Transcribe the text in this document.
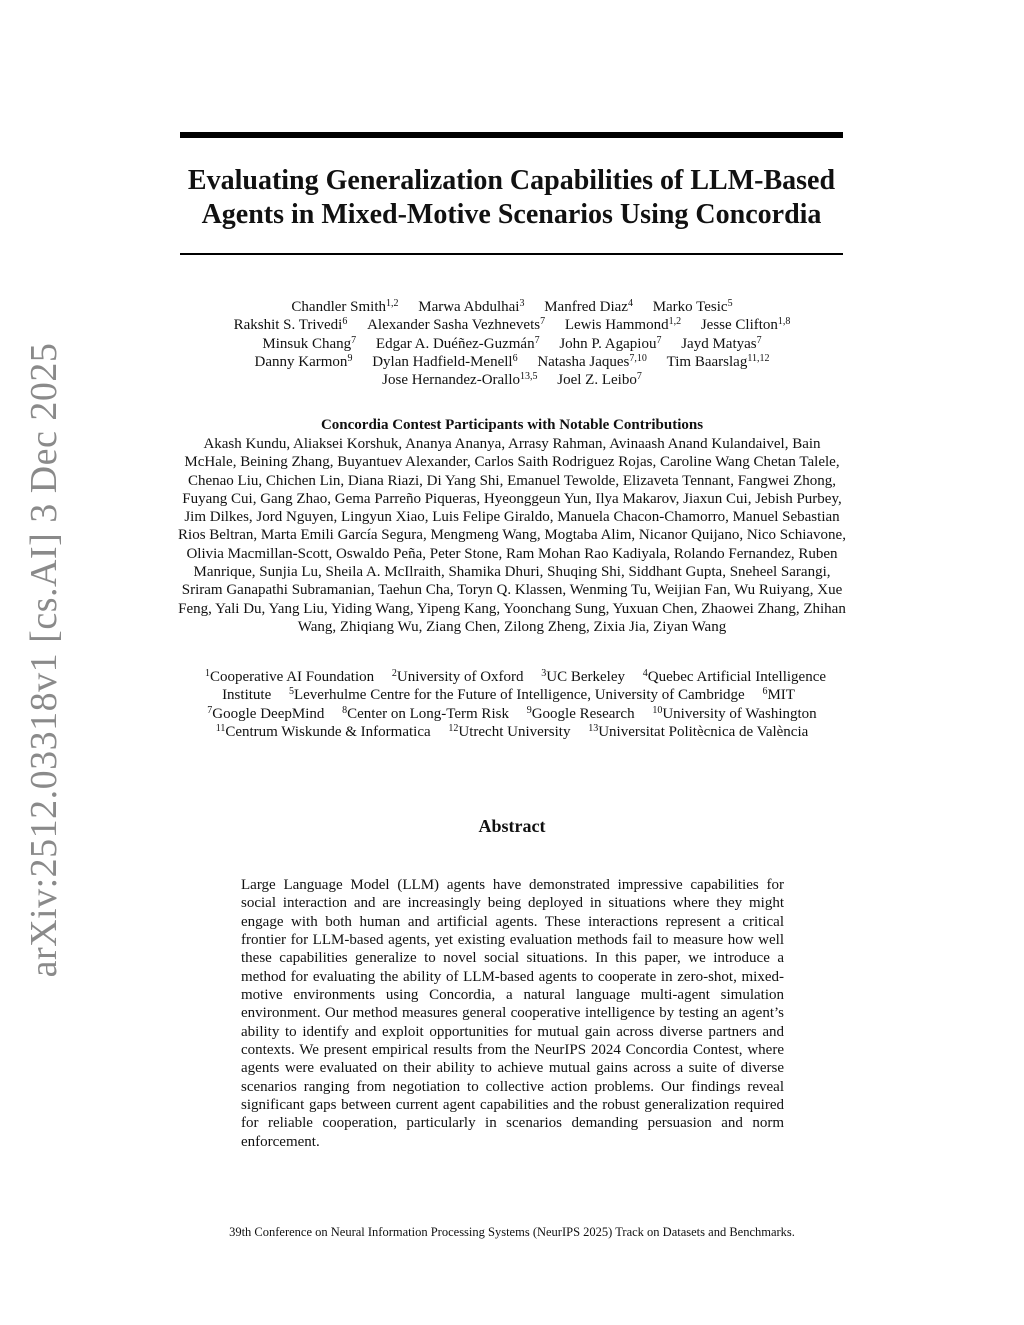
arXiv:2512.03318v1 [cs.AI] 3 Dec 2025
Evaluating Generalization Capabilities of LLM-Based Agents in Mixed-Motive Scenarios Using Concordia
Chandler Smith$^{1,2}$ Marwa Abdulhai$^3$ Manfred Diaz$^4$ Marko Tesic$^5$
Rakshit S. Trivedi$^6$ Alexander Sasha Vezhnevets$^7$ Lewis Hammond$^{1,2}$ Jesse Clifton$^{1,8}$
Minsuk Chang$^7$ Edgar A. Duéñez-Guzmán$^7$ John P. Agapiou$^7$ Jayd Matyas$^7$
Danny Karmon$^9$ Dylan Hadfield-Menell$^6$ Natasha Jaques$^{7,10}$ Tim Baarslag$^{11,12}$
Jose Hernandez-Orallo$^{13,5}$ Joel Z. Leibo$^7$
Concordia Contest Participants with Notable Contributions

Akash Kundu, Aliaksei Korshuk, Ananya Ananya, Arrasy Rahman, Avinaash Anand Kulandaivel, Bain McHale, Beining Zhang, Buyantuev Alexander, Carlos Saith Rodriguez Rojas, Caroline Wang Chetan Talele, Chenao Liu, Chichen Lin, Diana Riazi, Di Yang Shi, Emanuel Tewolde, Elizaveta Tennant, Fangwei Zhong, Fuyang Cui, Gang Zhao, Gema Parreño Piqueras, Hyeonggeun Yun, Ilya Makarov, Jiaxun Cui, Jebish Purbey, Jim Dilkes, Jord Nguyen, Lingyun Xiao, Luis Felipe Giraldo, Manuela Chacon-Chamorro, Manuel Sebastian Rios Beltran, Marta Emili García Segura, Mengmeng Wang, Mogtaba Alim, Nicanor Quijano, Nico Schiavone, Olivia Macmillan-Scott, Oswaldo Peña, Peter Stone, Ram Mohan Rao Kadiyala, Rolando Fernandez, Ruben Manrique, Sunjia Lu, Sheila A. McIlraith, Shamika Dhuri, Shuqing Shi, Siddhant Gupta, Sneheel Sarangi, Sriram Ganapathi Subramanian, Taehun Cha, Toryn Q. Klassen, Wenming Tu, Weijian Fan, Wu Ruiyang, Xue Feng, Yali Du, Yang Liu, Yiding Wang, Yipeng Kang, Yoonchang Sung, Yuxuan Chen, Zhaowei Zhang, Zhihan Wang, Zhiqiang Wu, Ziang Chen, Zilong Zheng, Zixia Jia, Ziyan Wang

$^1$Cooperative AI Foundation $^2$University of Oxford $^3$UC Berkeley $^4$Quebec Artificial Intelligence Institute $^5$Leverhulme Centre for the Future of Intelligence, University of Cambridge $^6$MIT $^7$Google DeepMind $^8$Center on Long-Term Risk $^9$Google Research $^{10}$University of Washington $^{11}$Centrum Wiskunde & Informatica $^{12}$Utrecht University $^{13}$Universitat Politècnica de València

Abstract

Large Language Model (LLM) agents have demonstrated impressive capabilities for social interaction and are increasingly being deployed in situations where they might engage with both human and artificial agents. These interactions represent a critical frontier for LLM-based agents, yet existing evaluation methods fail to measure how well these capabilities generalize to novel social situations. In this paper, we introduce a method for evaluating the ability of LLM-based agents to cooperate in zero-shot, mixed-motive environments using Concordia, a natural language multi-agent simulation environment. Our method measures general cooperative intelligence by testing an agent’s ability to identify and exploit opportunities for mutual gain across diverse partners and contexts. We present empirical results from the NeurIPS 2024 Concordia Contest, where agents were evaluated on their ability to achieve mutual gains across a suite of diverse scenarios ranging from negotiation to collective action problems. Our findings reveal significant gaps between current agent capabilities and the robust generalization required for reliable cooperation, particularly in scenarios demanding persuasion and norm enforcement.

39th Conference on Neural Information Processing Systems (NeurIPS 2025) Track on Datasets and Benchmarks.
